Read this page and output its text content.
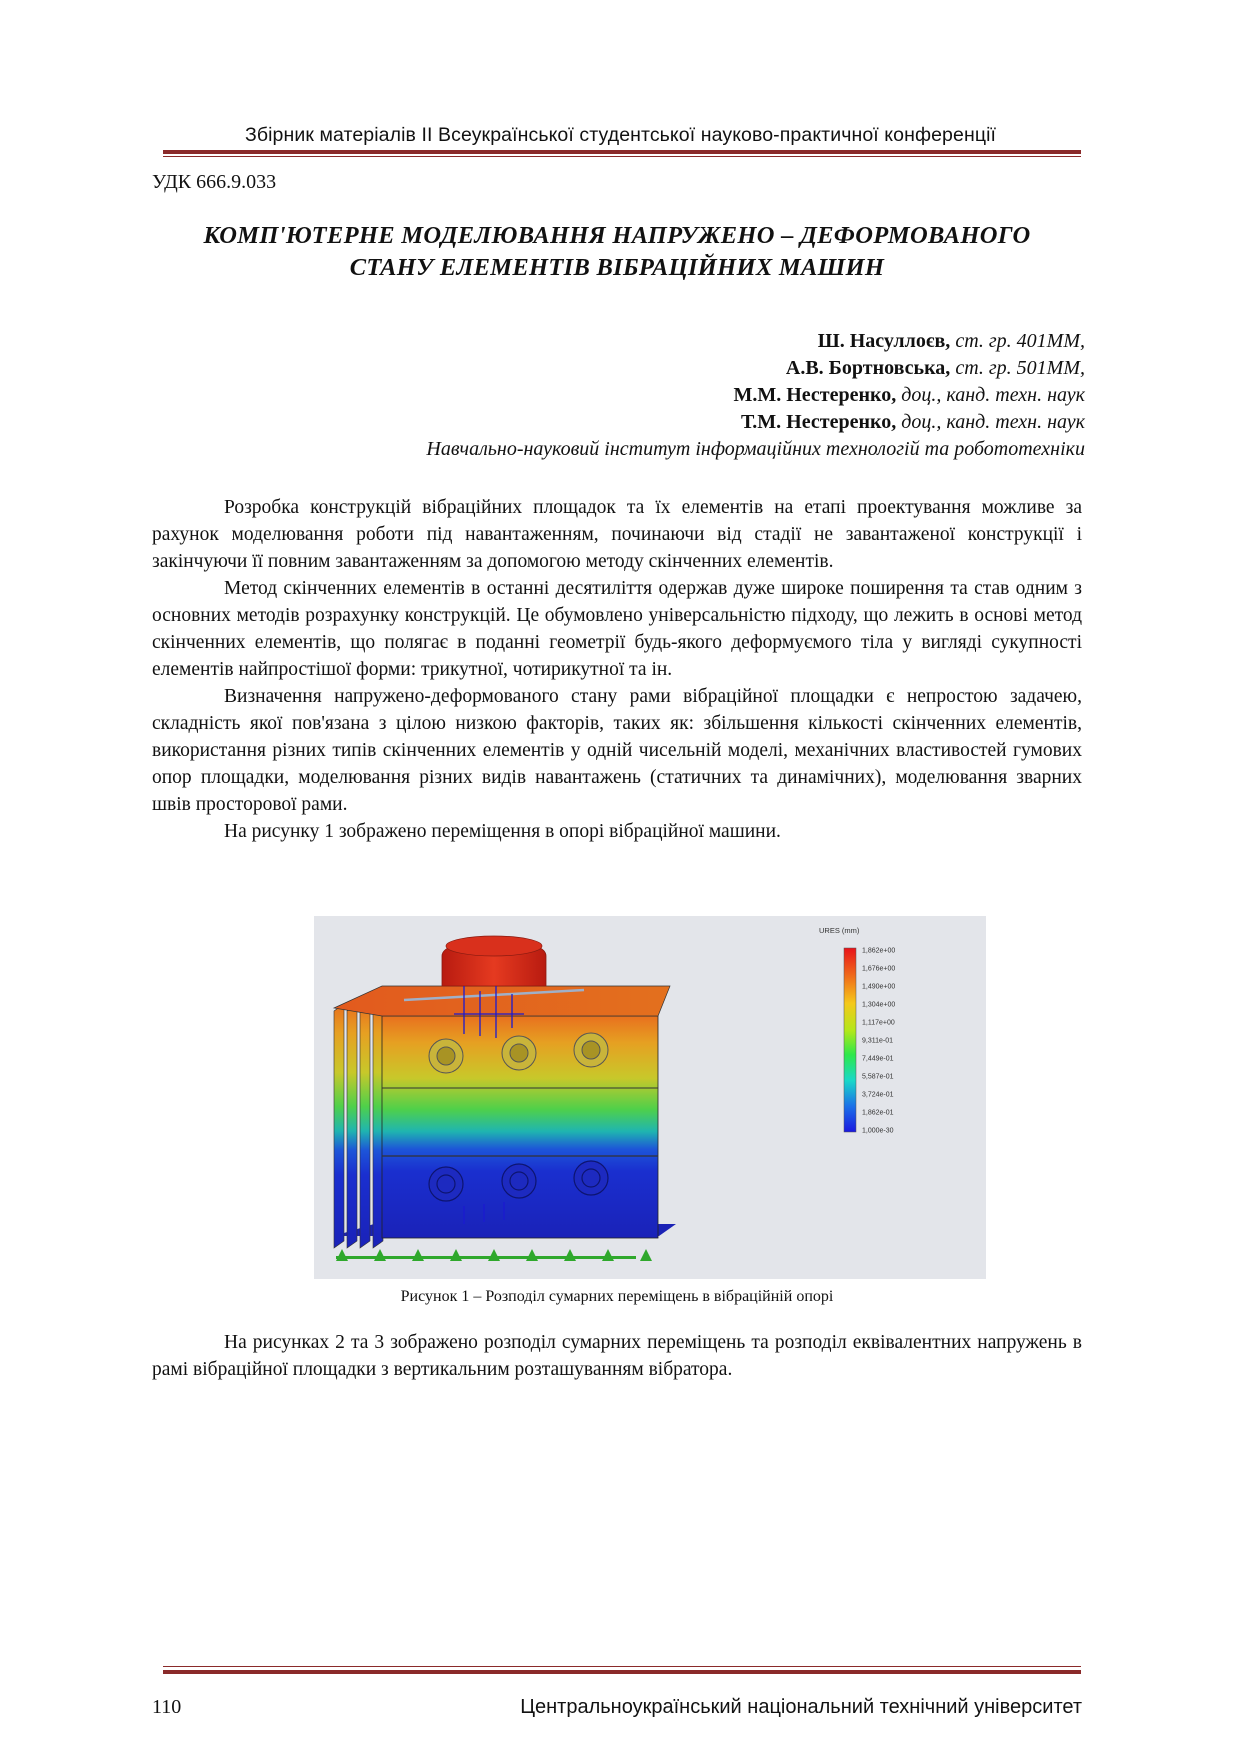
Збірник матеріалів ІІ Всеукраїнської студентської науково-практичної конференції
УДК 666.9.033
КОМП'ЮТЕРНЕ МОДЕЛЮВАННЯ НАПРУЖЕНО – ДЕФОРМОВАНОГО
СТАНУ ЕЛЕМЕНТІВ ВІБРАЦІЙНИХ МАШИН
Ш. Насуллоєв, ст. гр. 401ММ,
А.В. Бортновська, ст. гр. 501ММ,
М.М. Нестеренко, доц., канд. техн. наук
Т.М. Нестеренко, доц., канд. техн. наук
Навчально-науковий інститут інформаційних технологій та робототехніки

Розробка конструкцій вібраційних площадок та їх елементів на етапі проектування можливе за рахунок моделювання роботи під навантаженням, починаючи від стадії не завантаженої конструкції і закінчуючи її повним завантаженням за допомогою методу скінченних елементів.

Метод скінченних елементів в останні десятиліття одержав дуже широке поширення та став одним з основних методів розрахунку конструкцій. Це обумовлено універсальністю підходу, що лежить в основі метод скінченних елементів, що полягає в поданні геометрії будь-якого деформуємого тіла у вигляді сукупності елементів найпростішої форми: трикутної, чотирикутної та ін.

Визначення напружено-деформованого стану рами вібраційної площадки є непростою задачею, складність якої пов'язана з цілою низкою факторів, таких як: збільшення кількості скінченних елементів, використання різних типів скінченних елементів у одній чисельній моделі, механічних властивостей гумових опор площадки, моделювання різних видів навантажень (статичних та динамічних), моделювання зварних швів просторової рами.

На рисунку 1 зображено переміщення в опорі вібраційної машини.

URES (mm)
1,862e+00
1,676e+00
1,490e+00
1,304e+00
1,117e+00
9,311e-01
7,449e-01
5,587e-01
3,724e-01
1,862e-01
1,000e-30
Рисунок 1 – Розподіл сумарних переміщень в вібраційній опорі

На рисунках 2 та 3 зображено розподіл сумарних переміщень та розподіл еквівалентних напружень в рамі вібраційної площадки з вертикальним розташуванням вібратора.

110	Центральноукраїнський національний технічний університет
